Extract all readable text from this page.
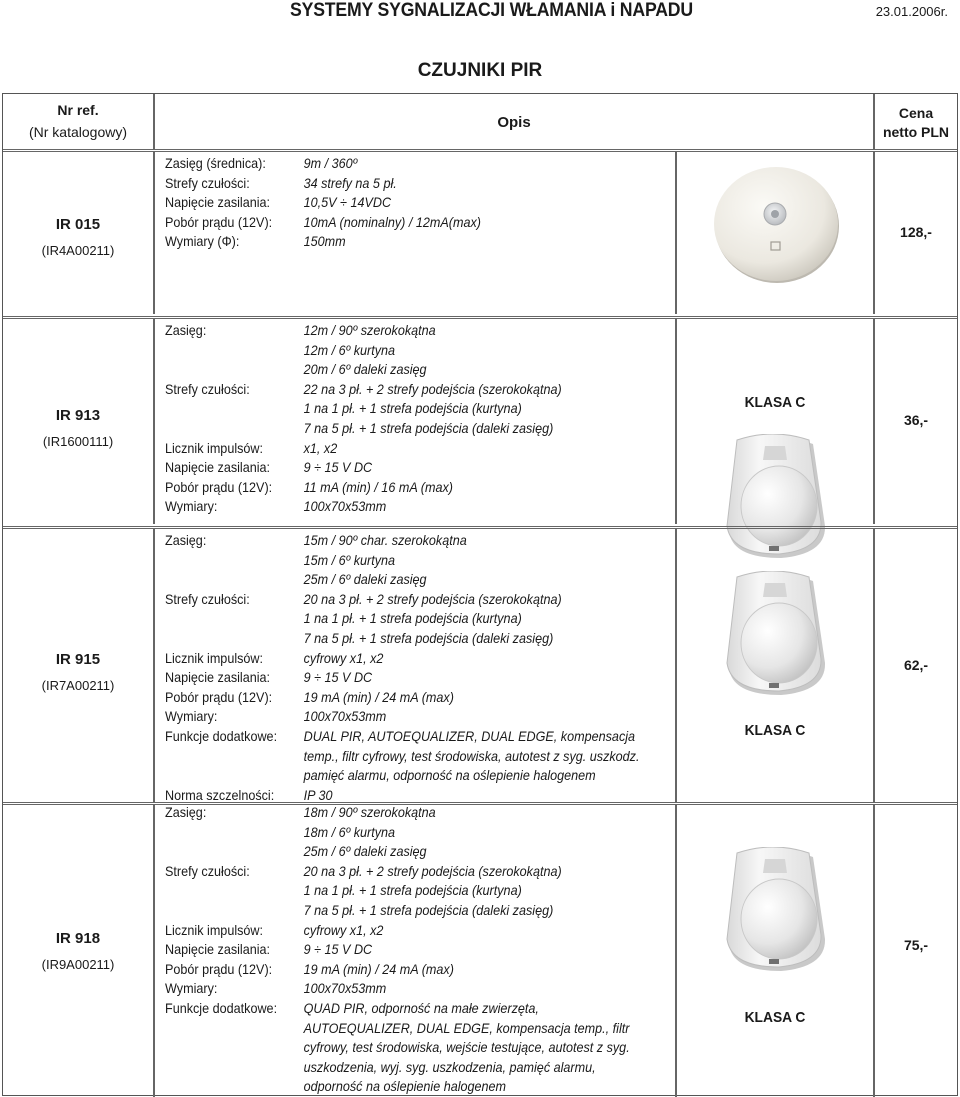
SYSTEMY SYGNALIZACJI WŁAMANIA i NAPADU	23.01.2006r.
CZUJNIKI PIR
Nr ref.
(Nr katalogowy)
Opis
Cena
netto PLN
IR 015
(IR4A00211)
Zasięg (średnica):	9m / 360º
Strefy czułości:	34 strefy na 5 pł.
Napięcie zasilania: 10,5V ÷ 14VDC
Pobór prądu (12V): 10mA (nominalny) / 12mA(max)
Wymiary (Φ):	150mm
128,-
IR 913
(IR1600111)
Zasięg:	12m / 90º szerokokątna
12m / 6º kurtyna
20m / 6º daleki zasięg
Strefy czułości:	22 na 3 pł. + 2 strefy podejścia (szerokokątna)
1 na 1 pł. + 1 strefa podejścia (kurtyna)
7 na 5 pł. + 1 strefa podejścia (daleki zasięg)
Licznik impulsów:	x1, x2
Napięcie zasilania: 9 ÷ 15 V DC
Pobór prądu (12V): 11 mA (min) / 16 mA (max)
Wymiary:	100x70x53mm
KLASA C
36,-
IR 915
(IR7A00211)
Zasięg:	15m / 90º char. szerokokątna
15m / 6º kurtyna
25m / 6º daleki zasięg
Strefy czułości:	20 na 3 pł. + 2 strefy podejścia (szerokokątna)
1 na 1 pł. + 1 strefa podejścia (kurtyna)
7 na 5 pł. + 1 strefa podejścia (daleki zasięg)
Licznik impulsów:	cyfrowy x1, x2
Napięcie zasilania: 9 ÷ 15 V DC
Pobór prądu (12V): 19 mA (min) / 24 mA (max)
Wymiary:	100x70x53mm
Funkcje dodatkowe: DUAL PIR, AUTOEQUALIZER, DUAL EDGE, kompensacja
temp., filtr cyfrowy, test środowiska, autotest z syg. uszkodz.
pamięć alarmu, odporność na oślepienie halogenem
Norma szczelności: IP 30
KLASA C
62,-
IR 918
(IR9A00211)
Zasięg:	18m / 90º szerokokątna
18m / 6º kurtyna
25m / 6º daleki zasięg
Strefy czułości:	20 na 3 pł. + 2 strefy podejścia (szerokokątna)
1 na 1 pł. + 1 strefa podejścia (kurtyna)
7 na 5 pł. + 1 strefa podejścia (daleki zasięg)
Licznik impulsów:	cyfrowy x1, x2
Napięcie zasilania: 9 ÷ 15 V DC
Pobór prądu (12V): 19 mA (min) / 24 mA (max)
Wymiary:	100x70x53mm
Funkcje dodatkowe: QUAD PIR, odporność na małe zwierzęta,
AUTOEQUALIZER, DUAL EDGE, kompensacja temp., filtr
cyfrowy, test środowiska, wejście testujące, autotest z syg.
uszkodzenia, wyj. syg. uszkodzenia, pamięć alarmu,
odporność na oślepienie halogenem
KLASA C
75,-
